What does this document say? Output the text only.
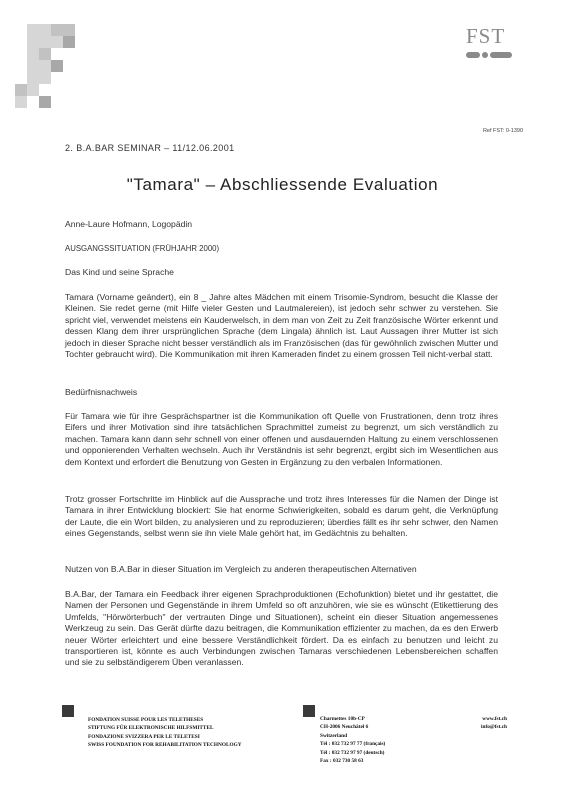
FST
Ref FST: 0-1390
2. B.A.BAR SEMINAR – 11/12.06.2001
"Tamara" – Abschliessende Evaluation
Anne-Laure Hofmann, Logopädin
AUSGANGSSITUATION (FRÜHJAHR 2000)
Das Kind und seine Sprache
Tamara (Vorname geändert), ein 8 _ Jahre altes Mädchen mit einem Trisomie-Syndrom, besucht die Klasse der Kleinen. Sie redet gerne (mit Hilfe vieler Gesten und Lautmalereien), ist jedoch sehr schwer zu verstehen. Sie spricht viel, verwendet meistens ein Kauderwelsch, in dem man von Zeit zu Zeit französische Wörter erkennt und dessen Klang dem ihrer ursprünglichen Sprache (dem Lingala) ähnlich ist. Laut Aussagen ihrer Mutter ist sich jedoch in dieser Sprache nicht besser verständlich als im Französischen (das für gewöhnlich zwischen Mutter und Tochter gebraucht wird). Die Kommunikation mit ihren Kameraden findet zu einem grossen Teil nicht-verbal statt.
Bedürfnisnachweis
Für Tamara wie für ihre Gesprächspartner ist die Kommunikation oft Quelle von Frustrationen, denn trotz ihres Eifers und ihrer Motivation sind ihre tatsächlichen Sprachmittel zumeist zu begrenzt, um sich verständlich zu machen. Tamara kann dann sehr schnell von einer offenen und ausdauernden Haltung zu einem verschlossenen und opponierenden Verhalten wechseln. Auch ihr Verständnis ist sehr begrenzt, ergibt sich im Wesentlichen aus dem Kontext und erfordert die Benutzung von Gesten in Ergänzung zu den verbalen Informationen.
Trotz grosser Fortschritte im Hinblick auf die Aussprache und trotz ihres Interesses für die Namen der Dinge ist Tamara in ihrer Entwicklung blockiert: Sie hat enorme Schwierigkeiten, sobald es darum geht, die Verknüpfung der Laute, die ein Wort bilden, zu analysieren und zu reproduzieren; überdies fällt es ihr sehr schwer, den Namen eines Gegenstands, selbst wenn sie ihn viele Male gehört hat, im Gedächtnis zu behalten.
Nutzen von B.A.Bar in dieser Situation im Vergleich zu anderen therapeutischen Alternativen
B.A.Bar, der Tamara ein Feedback ihrer eigenen Sprachproduktionen (Echofunktion) bietet und ihr gestattet, die Namen der Personen und Gegenstände in ihrem Umfeld so oft anzuhören, wie sie es wünscht (Etikettierung des Umfelds, "Hörwörterbuch" der vertrauten Dinge und Situationen), scheint ein dieser Situation angemessenes Werkzeug zu sein. Das Gerät dürfte dazu beitragen, die Kommunikation effizienter zu machen, da es den Erwerb neuer Wörter erleichtert und eine bessere Verständlichkeit fördert. Da es einfach zu benutzen und leicht zu transportieren ist, könnte es auch Verbindungen zwischen Tamaras verschiedenen Lebensbereichen schaffen und sie zu selbständigerem Üben veranlassen.
FONDATION SUISSE POUR LES TELETHESES
STIFTUNG FÜR ELEKTRONISCHE HILFSMITTEL
FONDAZIONE SVIZZERA PER LE TELETESI
SWISS FOUNDATION FOR REHABILITATION TECHNOLOGY
Charmettes 10b-CP
CH-2006 Neuchâtel 6
Switzerland
Tél : 032 732 97 77 (français)
Tél : 032 732 97 97 (deutsch)
Fax : 032 730 58 63
www.fst.ch
info@fst.ch
